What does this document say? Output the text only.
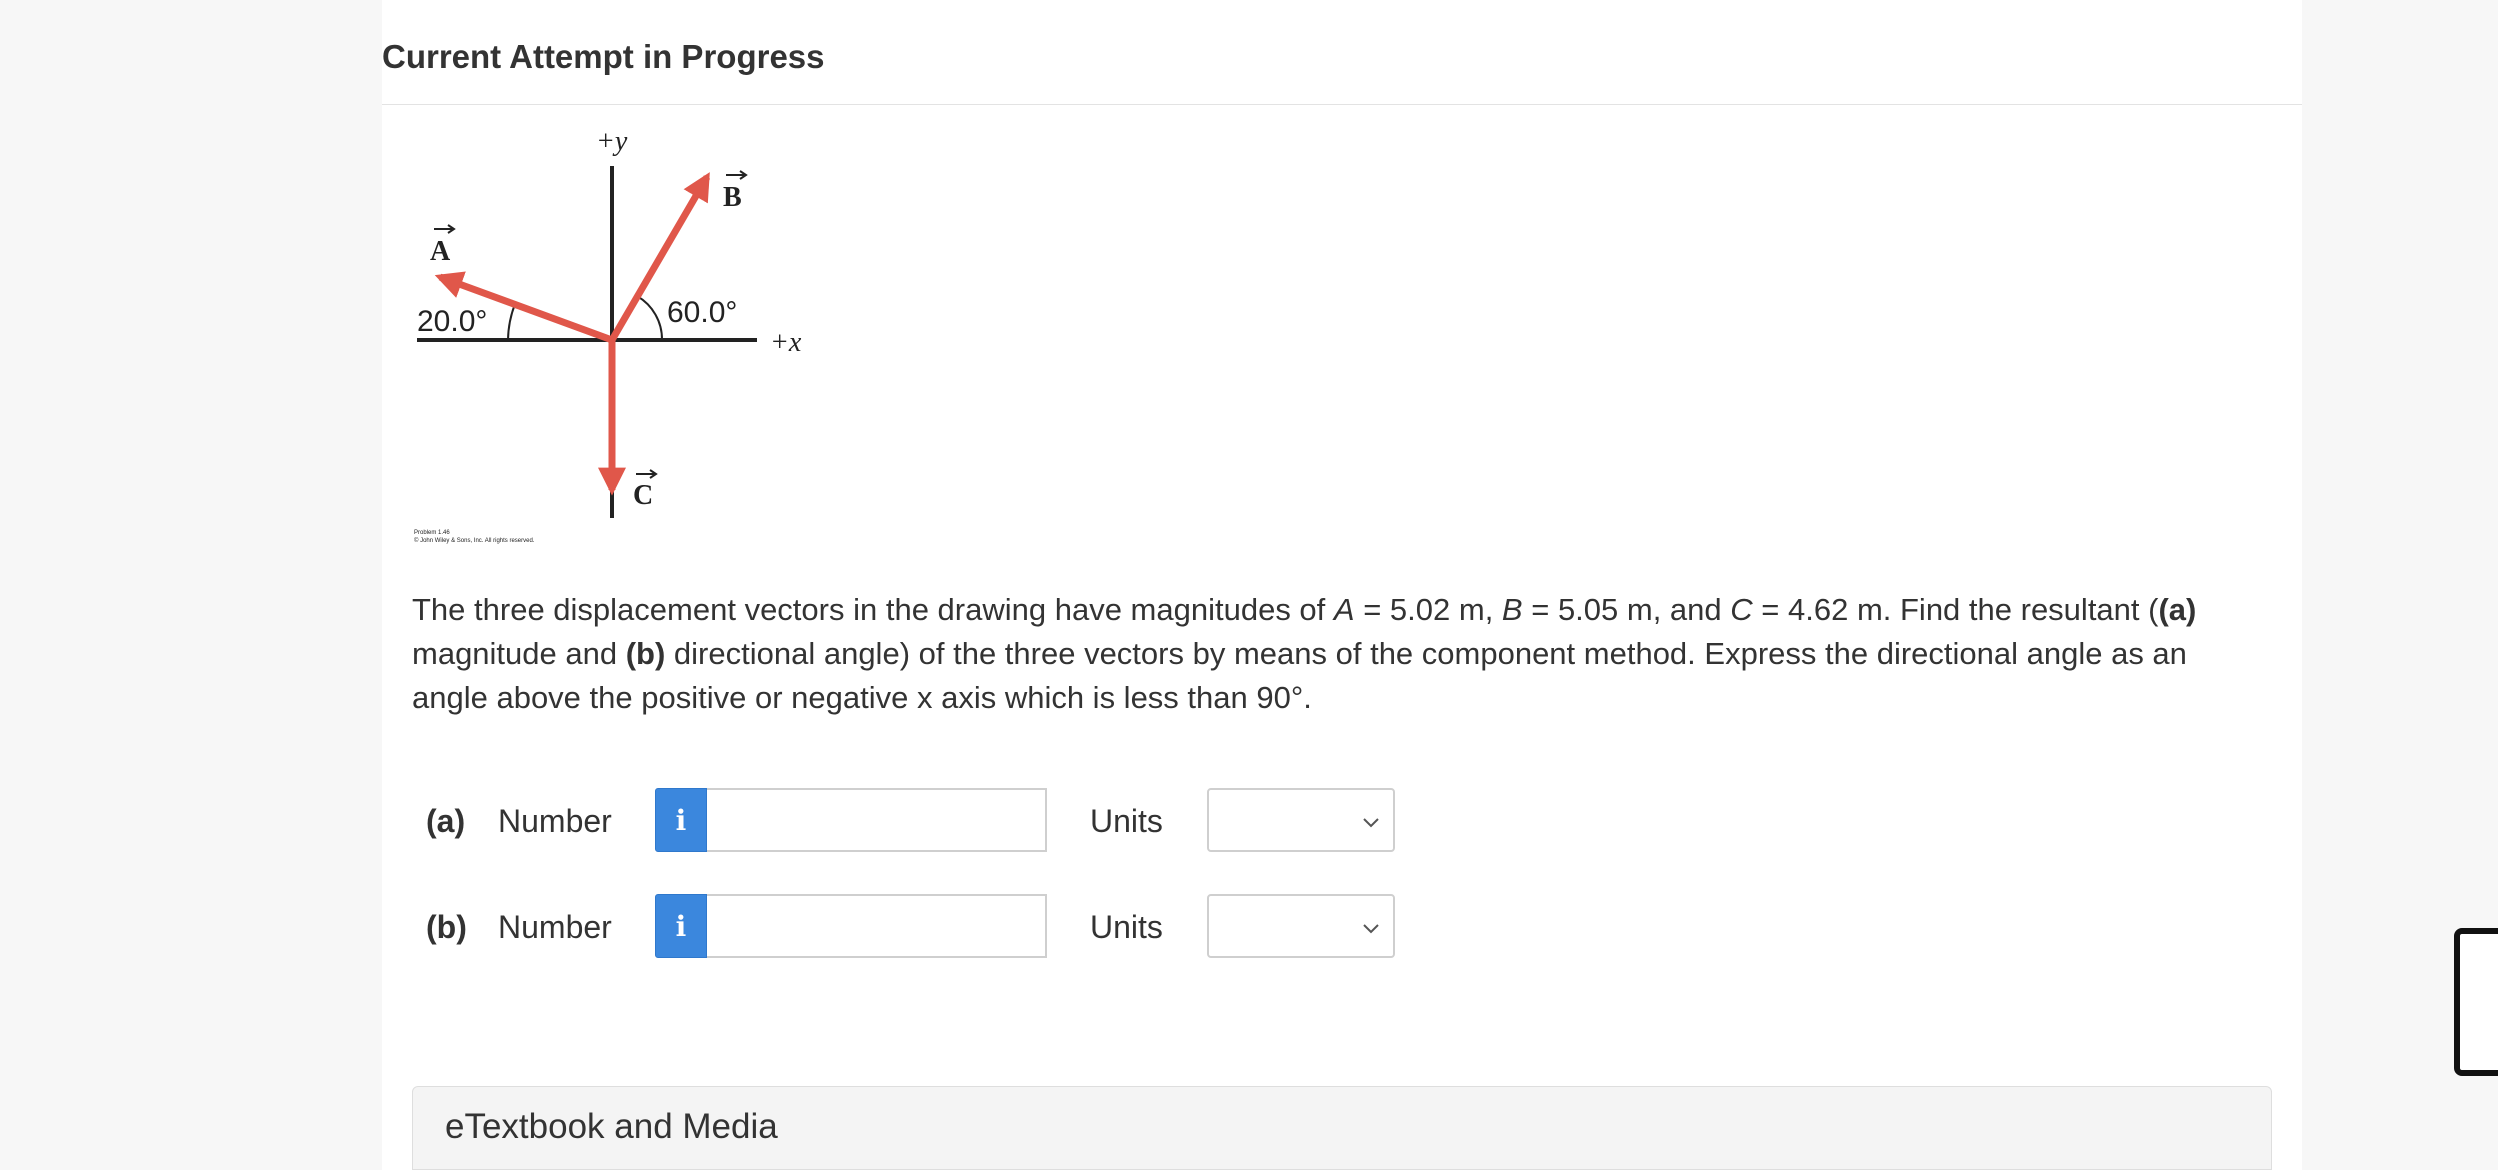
Current Attempt in Progress
+y
+x
A
B
C
20.0°	60.0°
Problem 1.46
© John Wiley & Sons, Inc. All rights reserved.
The three displacement vectors in the drawing have magnitudes of A = 5.02 m, B = 5.05 m, and C = 4.62 m. Find the resultant ((a) magnitude and (b) directional angle) of the three vectors by means of the component method. Express the directional angle as an angle above the positive or negative x axis which is less than 90°.
(a) Number i	Units
(b) Number i	Units
eTextbook and Media
